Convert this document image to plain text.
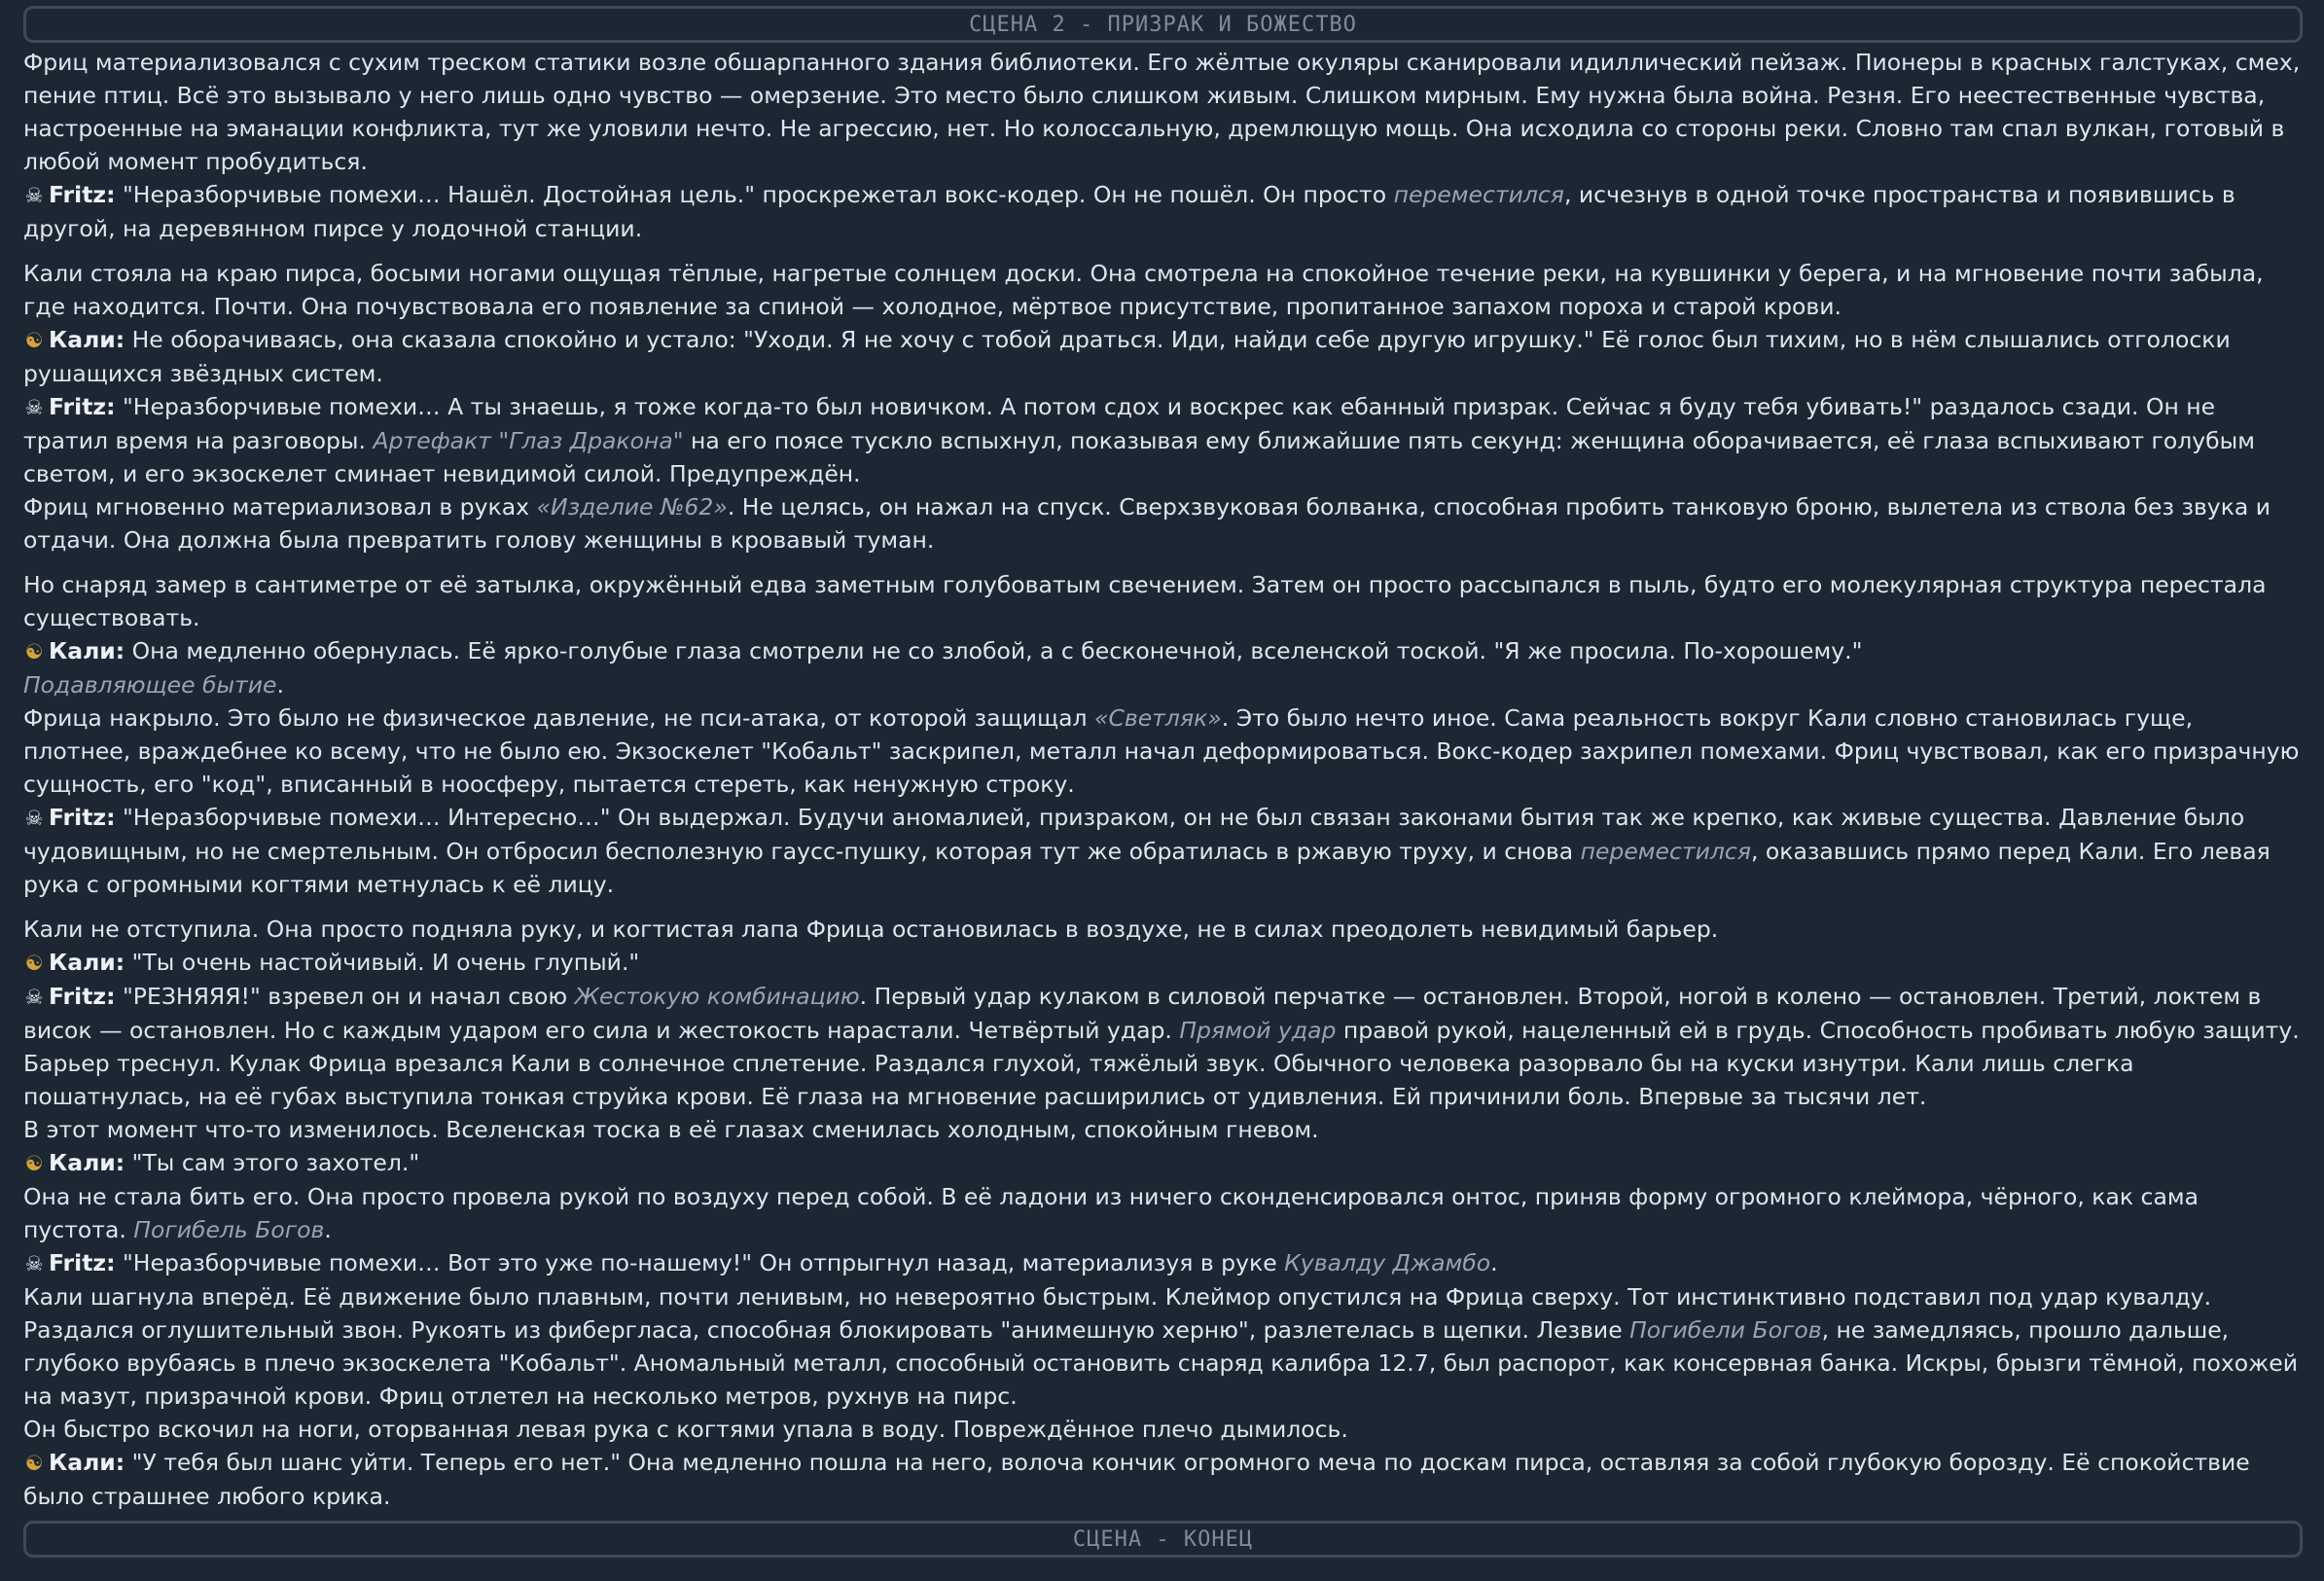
СЦЕНА 2 - ПРИЗРАК И БОЖЕСТВО

Фриц материализовался с сухим треском статики возле обшарпанного здания библиотеки. Его жёлтые окуляры сканировали идиллический пейзаж. Пионеры в красных галстуках, смех, пение птиц. Всё это вызывало у него лишь одно чувство — омерзение. Это место было слишком живым. Слишком мирным. Ему нужна была война. Резня. Его неестественные чувства, настроенные на эманации конфликта, тут же уловили нечто. Не агрессию, нет. Но колоссальную, дремлющую мощь. Она исходила со стороны реки. Словно там спал вулкан, готовый в любой момент пробудиться.

☠ Fritz: "Неразборчивые помехи… Нашёл. Достойная цель." проскрежетал вокс-кодер. Он не пошёл. Он просто переместился, исчезнув в одной точке пространства и появившись в другой, на деревянном пирсе у лодочной станции.

Кали стояла на краю пирса, босыми ногами ощущая тёплые, нагретые солнцем доски. Она смотрела на спокойное течение реки, на кувшинки у берега, и на мгновение почти забыла, где находится. Почти. Она почувствовала его появление за спиной — холодное, мёртвое присутствие, пропитанное запахом пороха и старой крови.

☯ Кали: Не оборачиваясь, она сказала спокойно и устало: "Уходи. Я не хочу с тобой драться. Иди, найди себе другую игрушку." Её голос был тихим, но в нём слышались отголоски рушащихся звёздных систем.

☠ Fritz: "Неразборчивые помехи… А ты знаешь, я тоже когда-то был новичком. А потом сдох и воскрес как ебанный призрак. Сейчас я буду тебя убивать!" раздалось сзади. Он не тратил время на разговоры. Артефакт "Глаз Дракона" на его поясе тускло вспыхнул, показывая ему ближайшие пять секунд: женщина оборачивается, её глаза вспыхивают голубым светом, и его экзоскелет сминает невидимой силой. Предупреждён.

Фриц мгновенно материализовал в руках «Изделие №62». Не целясь, он нажал на спуск. Сверхзвуковая болванка, способная пробить танковую броню, вылетела из ствола без звука и отдачи. Она должна была превратить голову женщины в кровавый туман.

Но снаряд замер в сантиметре от её затылка, окружённый едва заметным голубоватым свечением. Затем он просто рассыпался в пыль, будто его молекулярная структура перестала существовать.

☯ Кали: Она медленно обернулась. Её ярко-голубые глаза смотрели не со злобой, а с бесконечной, вселенской тоской. "Я же просила. По-хорошему."

Подавляющее бытие.

Фрица накрыло. Это было не физическое давление, не пси-атака, от которой защищал «Светляк». Это было нечто иное. Сама реальность вокруг Кали словно становилась гуще, плотнее, враждебнее ко всему, что не было ею. Экзоскелет "Кобальт" заскрипел, металл начал деформироваться. Вокс-кодер захрипел помехами. Фриц чувствовал, как его призрачную сущность, его "код", вписанный в ноосферу, пытается стереть, как ненужную строку.

☠ Fritz: "Неразборчивые помехи… Интересно…" Он выдержал. Будучи аномалией, призраком, он не был связан законами бытия так же крепко, как живые существа. Давление было чудовищным, но не смертельным. Он отбросил бесполезную гаусс-пушку, которая тут же обратилась в ржавую труху, и снова переместился, оказавшись прямо перед Кали. Его левая рука с огромными когтями метнулась к её лицу.

Кали не отступила. Она просто подняла руку, и когтистая лапа Фрица остановилась в воздухе, не в силах преодолеть невидимый барьер.

☯ Кали: "Ты очень настойчивый. И очень глупый."

☠ Fritz: "РЕЗНЯЯЯ!" взревел он и начал свою Жестокую комбинацию. Первый удар кулаком в силовой перчатке — остановлен. Второй, ногой в колено — остановлен. Третий, локтем в висок — остановлен. Но с каждым ударом его сила и жестокость нарастали. Четвёртый удар. Прямой удар правой рукой, нацеленный ей в грудь. Способность пробивать любую защиту.

Барьер треснул. Кулак Фрица врезался Кали в солнечное сплетение. Раздался глухой, тяжёлый звук. Обычного человека разорвало бы на куски изнутри. Кали лишь слегка пошатнулась, на её губах выступила тонкая струйка крови. Её глаза на мгновение расширились от удивления. Ей причинили боль. Впервые за тысячи лет.

В этот момент что-то изменилось. Вселенская тоска в её глазах сменилась холодным, спокойным гневом.

☯ Кали: "Ты сам этого захотел."

Она не стала бить его. Она просто провела рукой по воздуху перед собой. В её ладони из ничего сконденсировался онтос, приняв форму огромного клеймора, чёрного, как сама пустота. Погибель Богов.

☠ Fritz: "Неразборчивые помехи… Вот это уже по-нашему!" Он отпрыгнул назад, материализуя в руке Кувалду Джамбо.

Кали шагнула вперёд. Её движение было плавным, почти ленивым, но невероятно быстрым. Клеймор опустился на Фрица сверху. Тот инстинктивно подставил под удар кувалду.

Раздался оглушительный звон. Рукоять из фибергласа, способная блокировать "анимешную херню", разлетелась в щепки. Лезвие Погибели Богов, не замедляясь, прошло дальше, глубоко врубаясь в плечо экзоскелета "Кобальт". Аномальный металл, способный остановить снаряд калибра 12.7, был распорот, как консервная банка. Искры, брызги тёмной, похожей на мазут, призрачной крови. Фриц отлетел на несколько метров, рухнув на пирс.

Он быстро вскочил на ноги, оторванная левая рука с когтями упала в воду. Повреждённое плечо дымилось.

☯ Кали: "У тебя был шанс уйти. Теперь его нет." Она медленно пошла на него, волоча кончик огромного меча по доскам пирса, оставляя за собой глубокую борозду. Её спокойствие было страшнее любого крика.

СЦЕНА - КОНЕЦ
